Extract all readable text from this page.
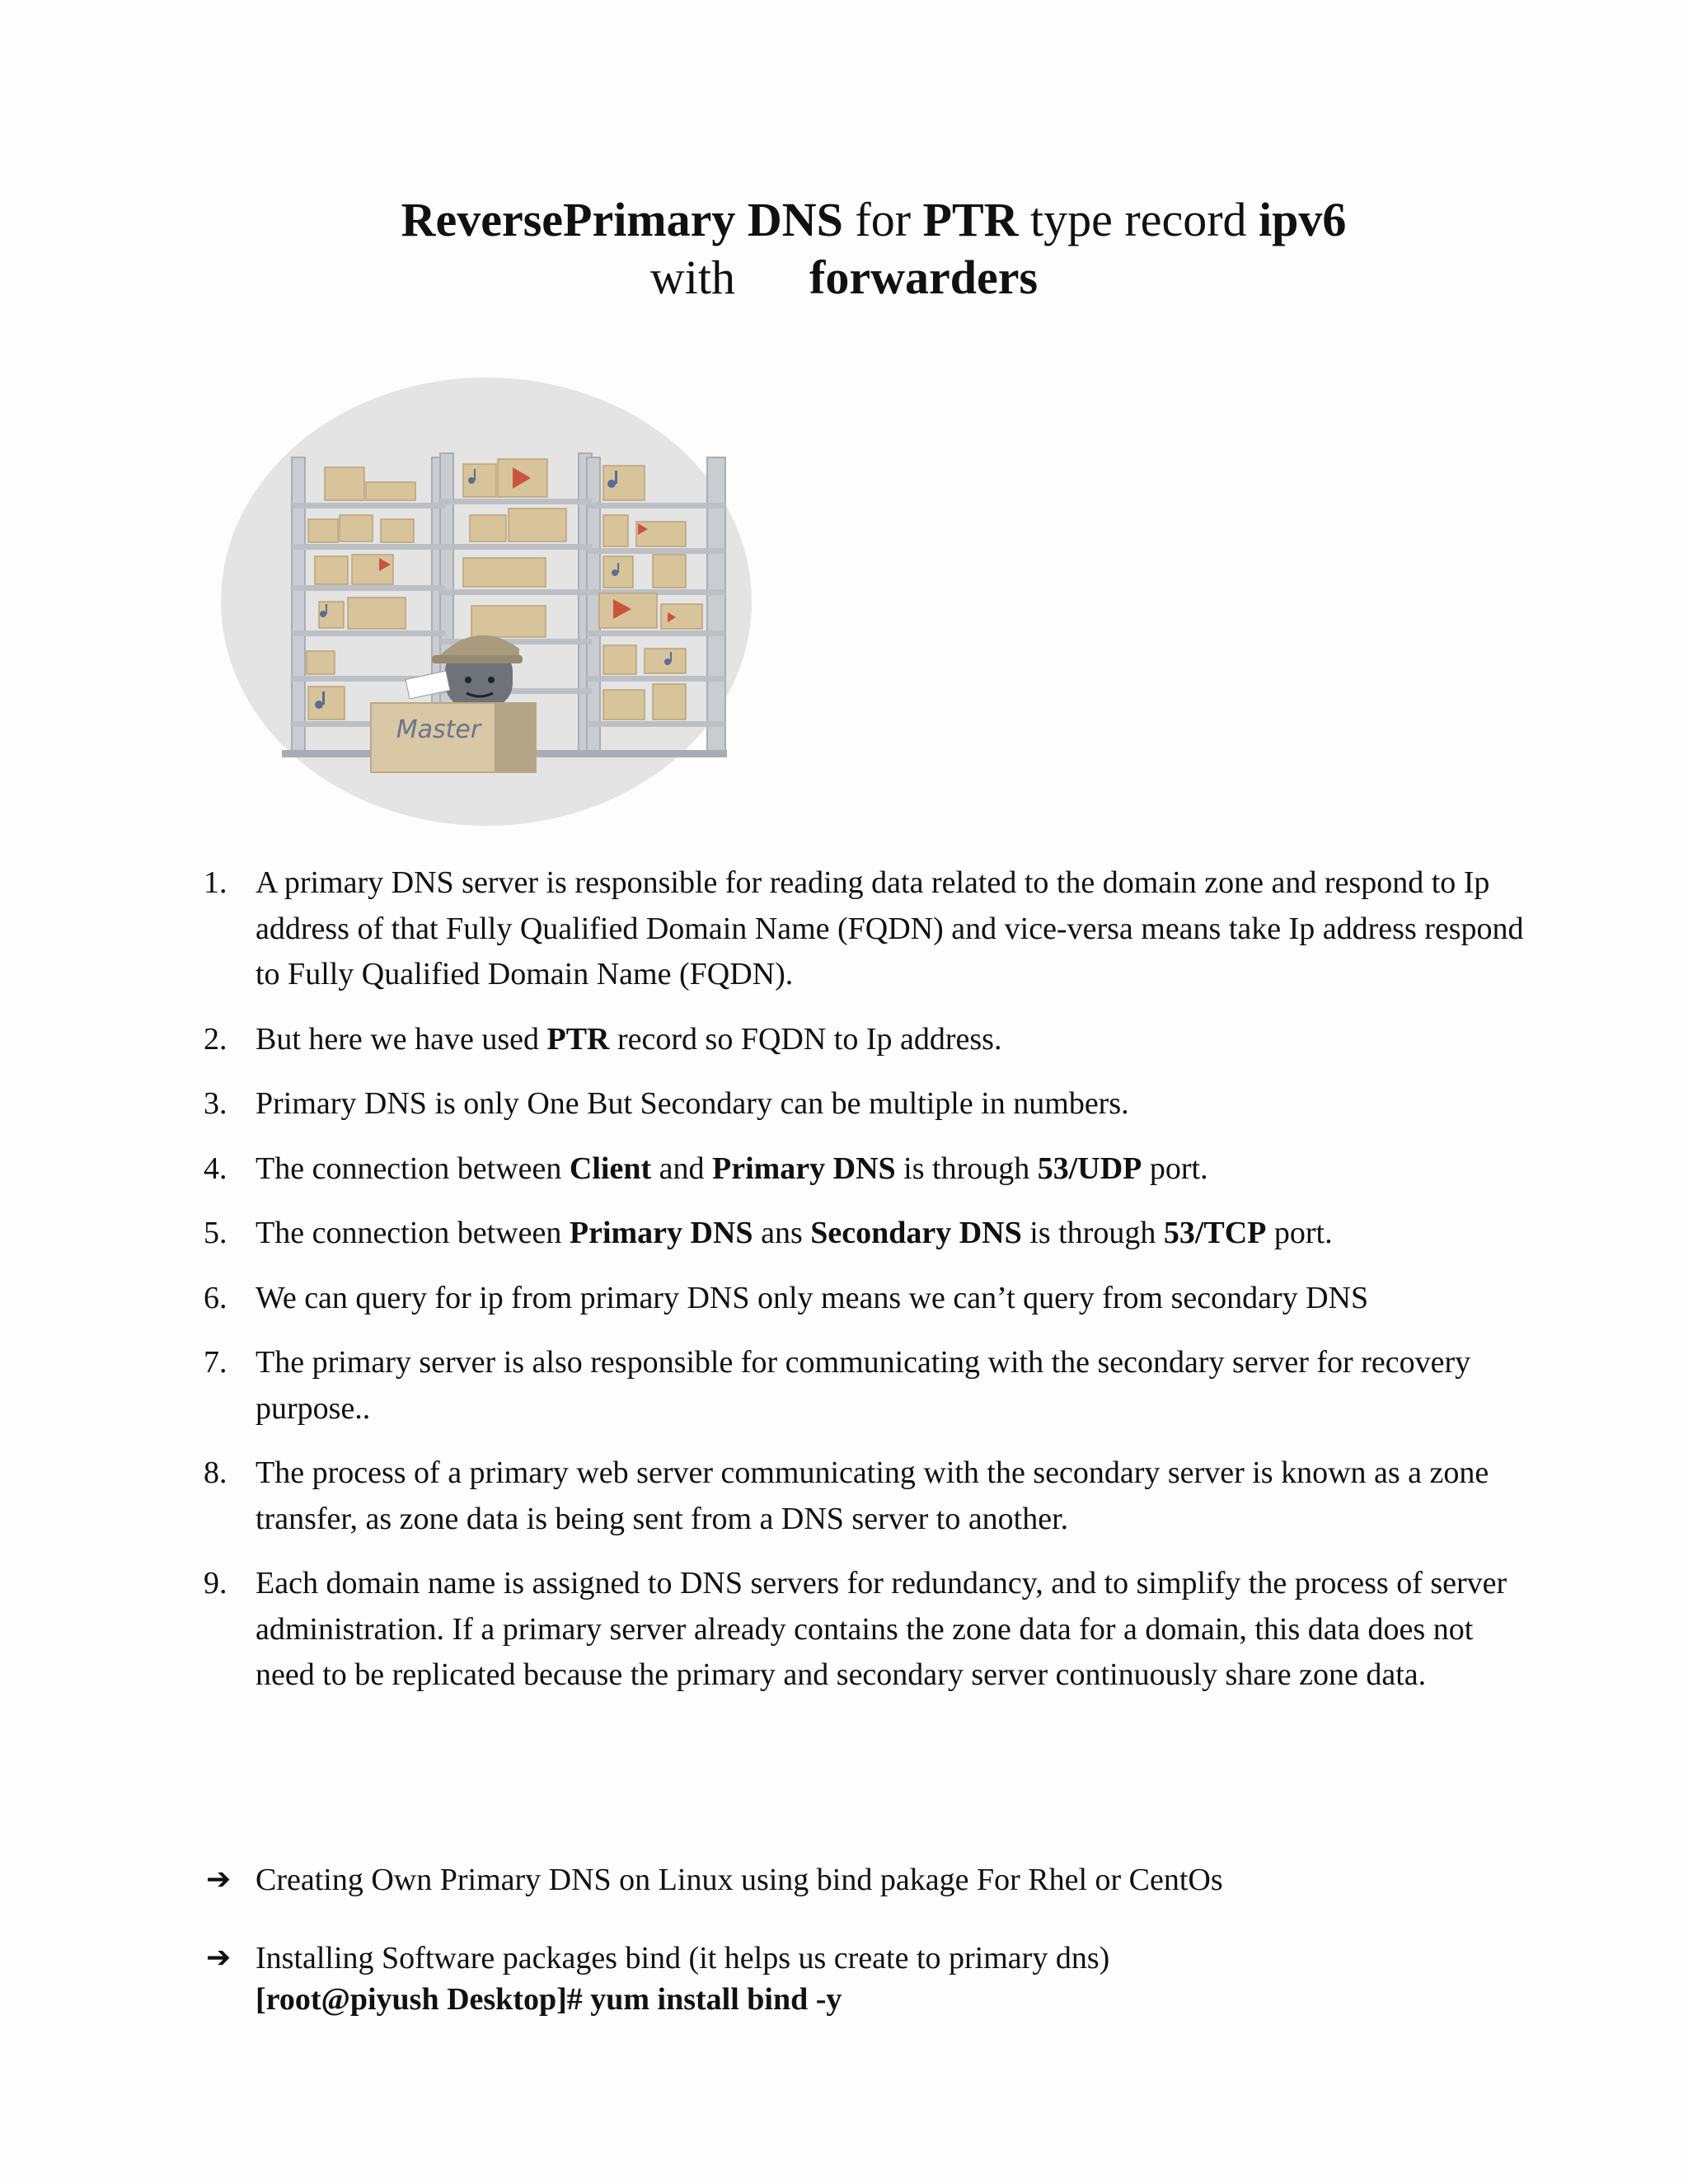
ReversePrimary DNS for PTR type record ipv6
with forwarders
Master
1. A primary DNS server is responsible for reading data related to the domain zone and respond to Ip address of that Fully Qualified Domain Name (FQDN) and vice-versa means take Ip address respond to Fully Qualified Domain Name (FQDN).
2. But here we have used PTR record so FQDN to Ip address.
3. Primary DNS is only One But Secondary can be multiple in numbers.
4. The connection between Client and Primary DNS is through 53/UDP port.
5. The connection between Primary DNS ans Secondary DNS is through 53/TCP port.
6. We can query for ip from primary DNS only means we can’t query from secondary DNS
7. The primary server is also responsible for communicating with the secondary server for recovery purpose..
8. The process of a primary web server communicating with the secondary server is known as a zone transfer, as zone data is being sent from a DNS server to another.
9. Each domain name is assigned to DNS servers for redundancy, and to simplify the process of server administration. If a primary server already contains the zone data for a domain, this data does not need to be replicated because the primary and secondary server continuously share zone data.
➔ Creating Own Primary DNS on Linux using bind pakage For Rhel or CentOs
➔ Installing Software packages bind (it helps us create to primary dns)
[root@piyush Desktop]# yum install bind -y
